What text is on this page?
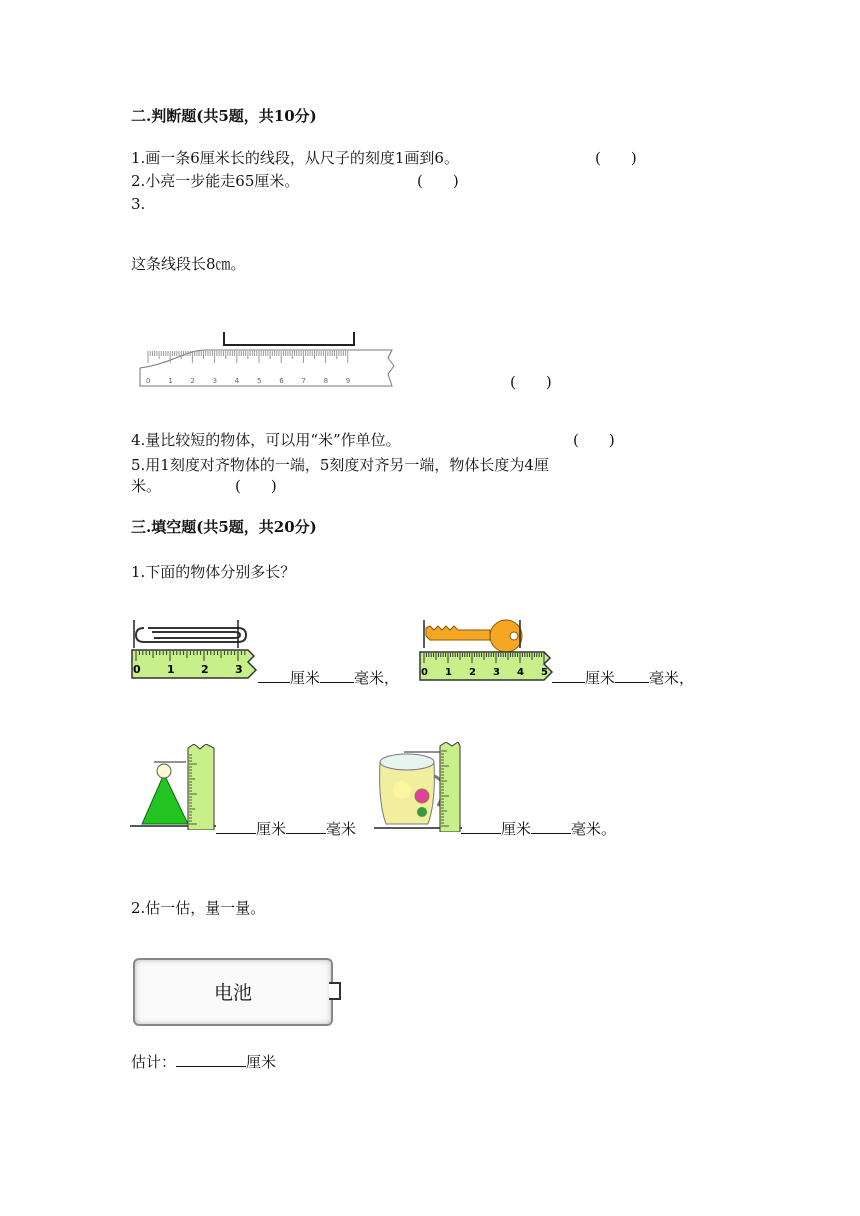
二.判断题(共5题，共10分)
1.画一条6厘米长的线段，从尺子的刻度1画到6。	(　　)
2.小亮一步能走65厘米。	(　　)
3.
这条线段长8㎝。
0	1	2	3	4	5	6	7	8	9	(　　)
4.量比较短的物体，可以用“米”作单位。	(　　)
5.用1刻度对齐物体的一端，5刻度对齐另一端，物体长度为4厘
米。	(　　)
三.填空题(共5题，共20分)
1.下面的物体分别多长？
0 1 2 3	厘米 毫米， 0 1 2 3 4 5	厘米 毫米，
厘米	毫米	厘米	毫米。
2.估一估，量一量。
电池
估计：	厘米
